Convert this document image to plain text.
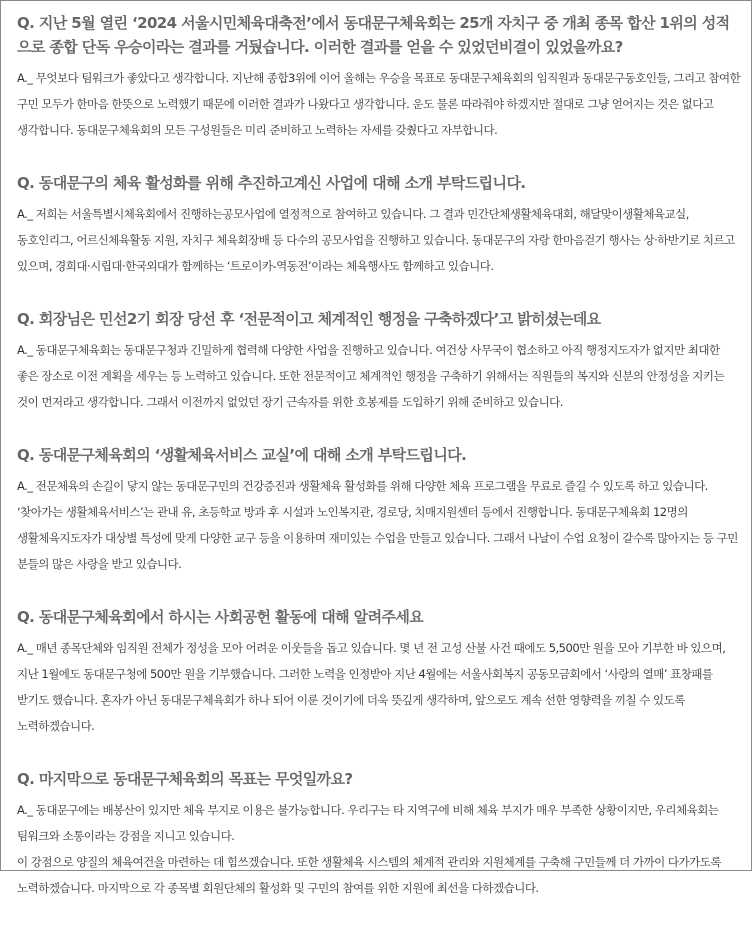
Q. 지난 5월 열린 ‘2024 서울시민체육대축전’에서 동대문구체육회는 25개 자치구 중 개최 종목 합산 1위의 성적으로 종합 단독 우승이라는 결과를 거뒀습니다. 이러한 결과를 얻을 수 있었던비결이 있었을까요?

A._ 무엇보다 팀워크가 좋았다고 생각합니다. 지난해 종합3위에 이어 올해는 우승을 목표로 동대문구체육회의 임직원과 동대문구동호인들, 그리고 참여한 구민 모두가 한마음 한뜻으로 노력했기 때문에 이러한 결과가 나왔다고 생각합니다. 운도 물론 따라줘야 하겠지만 절대로 그냥 얻어지는 것은 없다고 생각합니다. 동대문구체육회의 모든 구성원들은 미리 준비하고 노력하는 자세를 갖췄다고 자부합니다.

Q. 동대문구의 체육 활성화를 위해 추진하고계신 사업에 대해 소개 부탁드립니다.

A._ 저희는 서울특별시체육회에서 진행하는공모사업에 열정적으로 참여하고 있습니다. 그 결과 민간단체생활체육대회, 해달맞이생활체육교실, 동호인리그, 어르신체육활동 지원, 자치구 체육회장배 등 다수의 공모사업을 진행하고 있습니다. 동대문구의 자랑 한마음걷기 행사는 상·하반기로 치르고 있으며, 경희대·시립대·한국외대가 함께하는 ‘트로이카-역동전’이라는 체육행사도 함께하고 있습니다.

Q. 회장님은 민선2기 회장 당선 후 ‘전문적이고 체계적인 행정을 구축하겠다’고 밝히셨는데요

A._ 동대문구체육회는 동대문구청과 긴밀하게 협력해 다양한 사업을 진행하고 있습니다. 여건상 사무국이 협소하고 아직 행정지도자가 없지만 최대한 좋은 장소로 이전 계획을 세우는 등 노력하고 있습니다. 또한 전문적이고 체계적인 행정을 구축하기 위해서는 직원들의 복지와 신분의 안정성을 지키는 것이 먼저라고 생각합니다. 그래서 이전까지 없었던 장기 근속자를 위한 호봉제를 도입하기 위해 준비하고 있습니다.

Q. 동대문구체육회의 ‘생활체육서비스 교실’에 대해 소개 부탁드립니다.

A._ 전문체육의 손길이 닿지 않는 동대문구민의 건강증진과 생활체육 활성화를 위해 다양한 체육 프로그램을 무료로 즐길 수 있도록 하고 있습니다. ‘찾아가는 생활체육서비스’는 관내 유, 초등학교 방과 후 시설과 노인복지관, 경로당, 치매지원센터 등에서 진행합니다. 동대문구체육회 12명의 생활체육지도자가 대상별 특성에 맞게 다양한 교구 등을 이용하며 재미있는 수업을 만들고 있습니다. 그래서 나날이 수업 요청이 갈수록 많아지는 등 구민 분들의 많은 사랑을 받고 있습니다.

Q. 동대문구체육회에서 하시는 사회공헌 활동에 대해 알려주세요

A._ 매년 종목단체와 임직원 전체가 정성을 모아 어려운 이웃들을 돕고 있습니다. 몇 년 전 고성 산불 사건 때에도 5,500만 원을 모아 기부한 바 있으며, 지난 1월에도 동대문구청에 500만 원을 기부했습니다. 그러한 노력을 인정받아 지난 4월에는 서울사회복지 공동모금회에서 ‘사랑의 열매’ 표창패를 받기도 했습니다. 혼자가 아닌 동대문구체육회가 하나 되어 이룬 것이기에 더욱 뜻깊게 생각하며, 앞으로도 계속 선한 영향력을 끼칠 수 있도록 노력하겠습니다.

Q. 마지막으로 동대문구체육회의 목표는 무엇일까요?

A._ 동대문구에는 배봉산이 있지만 체육 부지로 이용은 불가능합니다. 우리구는 타 지역구에 비해 체육 부지가 매우 부족한 상황이지만, 우리체육회는 팀워크와 소통이라는 강점을 지니고 있습니다.
이 강점으로 양질의 체육여건을 마련하는 데 힘쓰겠습니다. 또한 생활체육 시스템의 체계적 관리와 지원체계를 구축해 구민들께 더 가까이 다가가도록 노력하겠습니다. 마지막으로 각 종목별 회원단체의 활성화 및 구민의 참여를 위한 지원에 최선을 다하겠습니다.
